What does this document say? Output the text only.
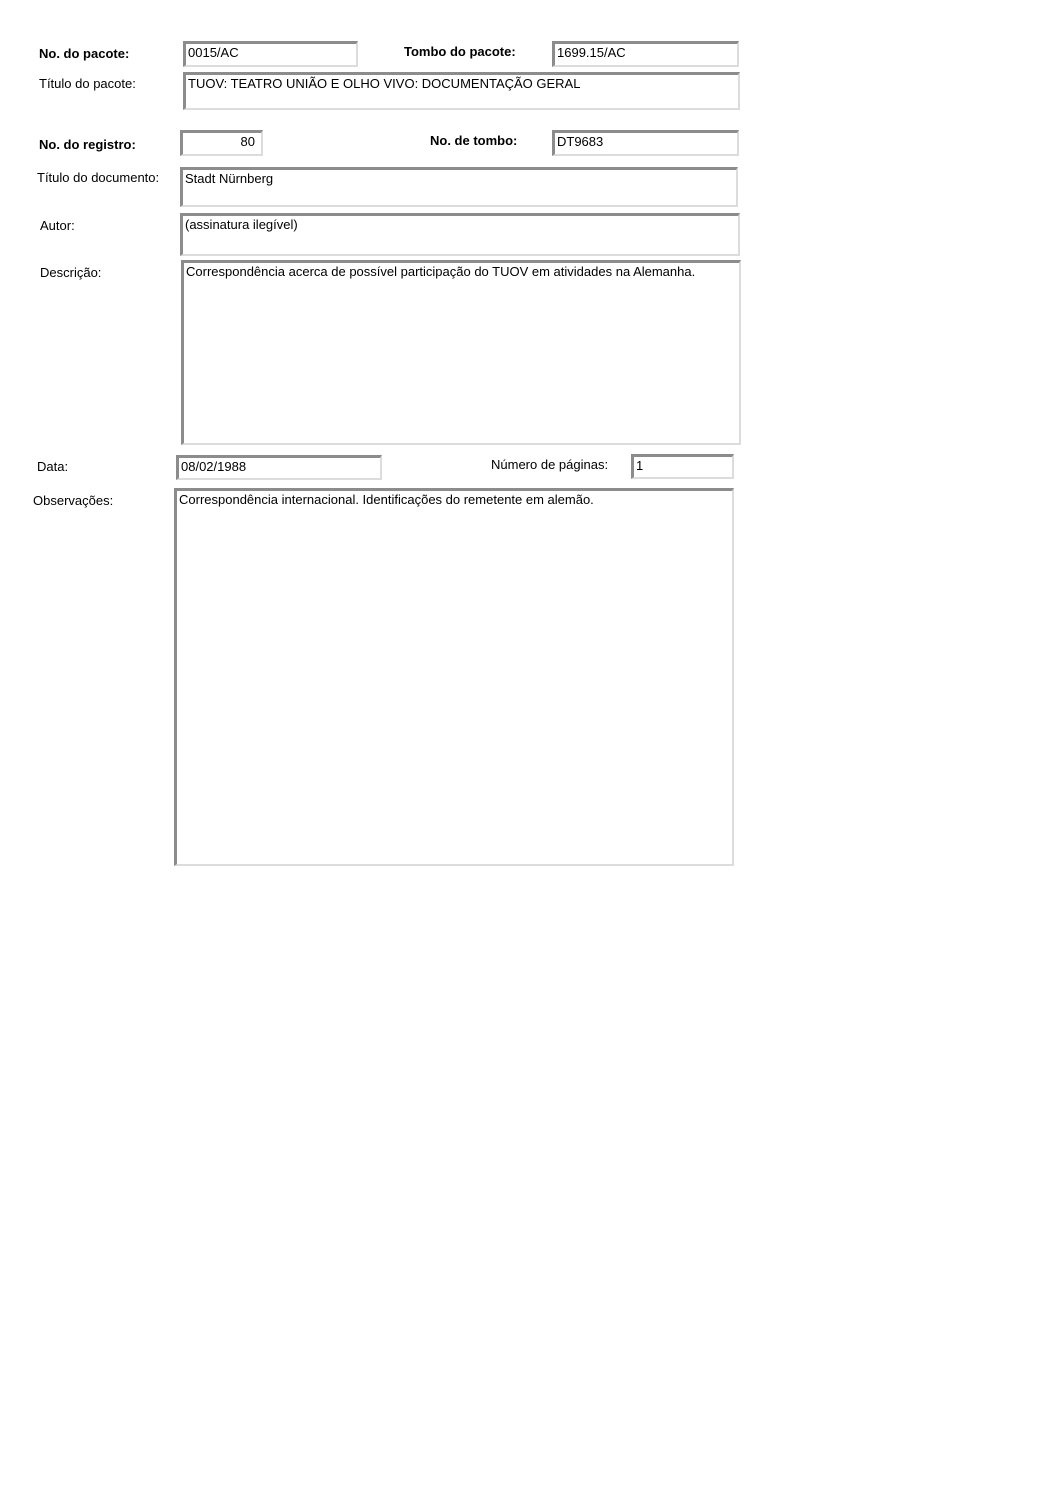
No. do pacote:	0015/AC	Tombo do pacote:	1699.15/AC
Título do pacote:	TUOV: TEATRO UNIÃO E OLHO VIVO: DOCUMENTAÇÃO GERAL
No. do registro:	80	No. de tombo:	DT9683
Título do documento:	Stadt Nürnberg
Autor:	(assinatura ilegível)
Descrição:	Correspondência acerca de possível participação do TUOV em atividades na Alemanha.
Data:	08/02/1988	Número de páginas:	1
Observações:	Correspondência internacional. Identificações do remetente em alemão.
